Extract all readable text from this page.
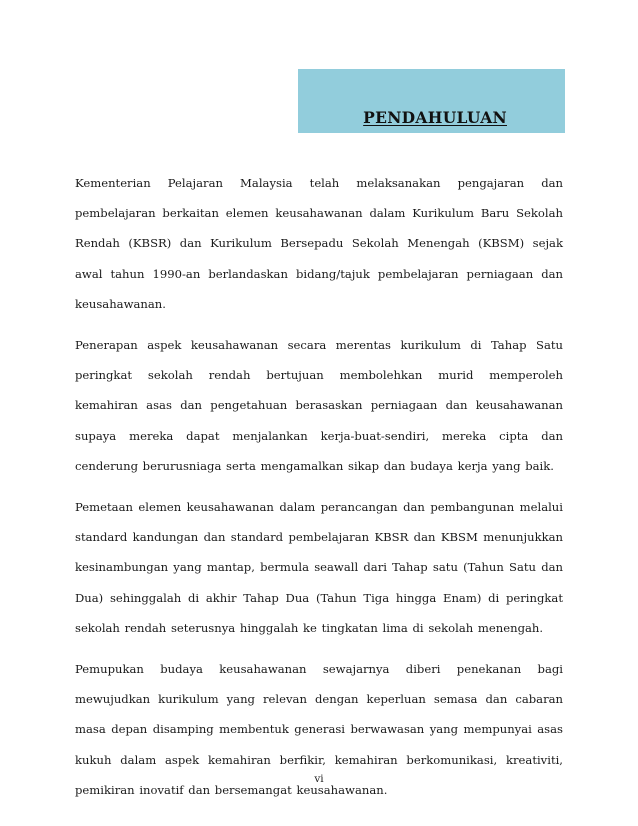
PENDAHULUAN

Kementerian Pelajaran Malaysia telah melaksanakan pengajaran dan pembelajaran berkaitan elemen keusahawanan dalam Kurikulum Baru Sekolah Rendah (KBSR) dan Kurikulum Bersepadu Sekolah Menengah (KBSM) sejak awal tahun 1990-an berlandaskan bidang/tajuk pembelajaran perniagaan dan keusahawanan.

Penerapan aspek keusahawanan secara merentas kurikulum di Tahap Satu peringkat sekolah rendah bertujuan membolehkan murid memperoleh kemahiran asas dan pengetahuan berasaskan perniagaan dan keusahawanan supaya mereka dapat menjalankan kerja-buat-sendiri, mereka cipta dan cenderung berurusniaga serta mengamalkan sikap dan budaya kerja yang baik.

Pemetaan elemen keusahawanan dalam perancangan dan pembangunan melalui standard kandungan dan standard pembelajaran KBSR dan KBSM menunjukkan kesinambungan yang mantap, bermula seawall dari Tahap satu (Tahun Satu dan Dua) sehinggalah di akhir Tahap Dua (Tahun Tiga hingga Enam) di peringkat sekolah rendah seterusnya hinggalah ke tingkatan lima di sekolah menengah.

Pemupukan budaya keusahawanan sewajarnya diberi penekanan bagi mewujudkan kurikulum yang relevan dengan keperluan semasa dan cabaran masa depan disamping membentuk generasi berwawasan yang mempunyai asas kukuh dalam aspek kemahiran berfikir, kemahiran berkomunikasi, kreativiti, pemikiran inovatif dan bersemangat keusahawanan.

vi
